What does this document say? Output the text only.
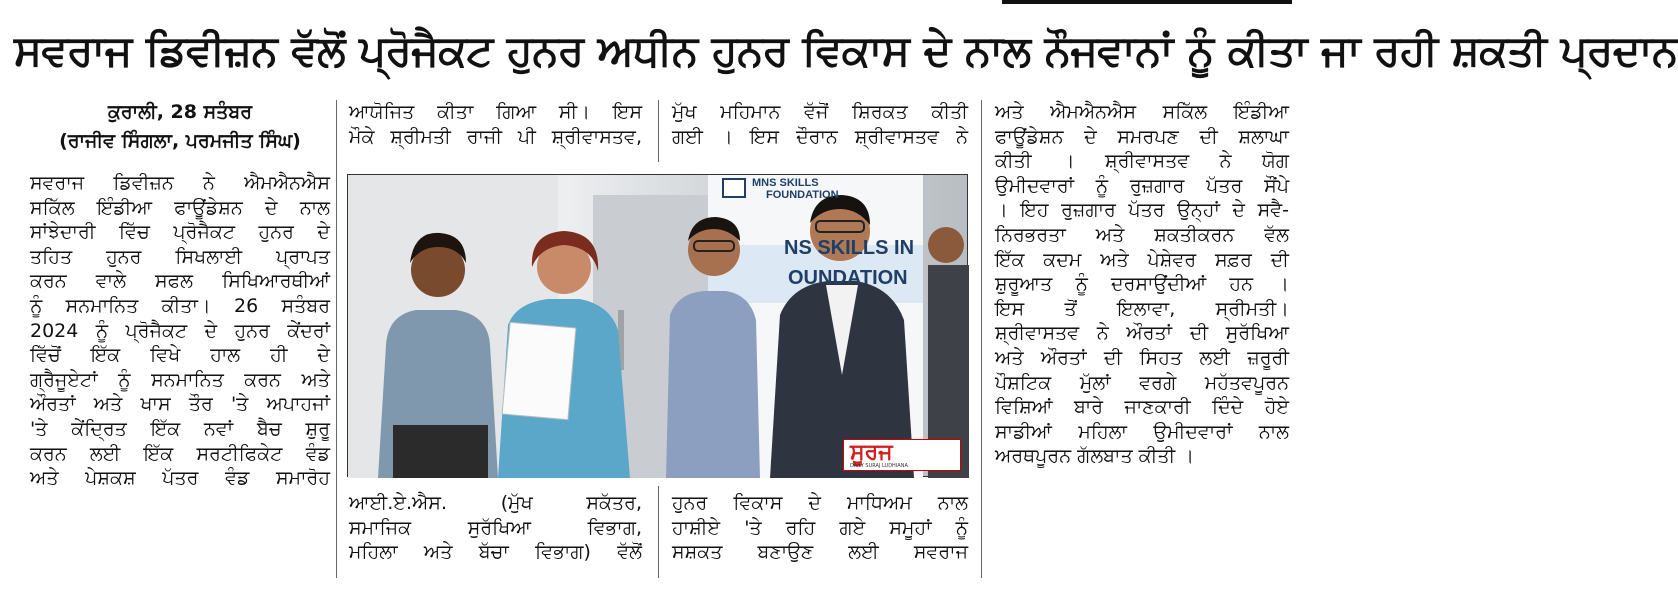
ਸਵਰਾਜ ਡਿਵੀਜ਼ਨ ਵੱਲੋਂ ਪ੍ਰੋਜੈਕਟ ਹੁਨਰ ਅਧੀਨ ਹੁਨਰ ਵਿਕਾਸ ਦੇ ਨਾਲ ਨੌਜਵਾਨਾਂ ਨੂੰ ਕੀਤਾ ਜਾ ਰਹੀ ਸ਼ਕਤੀ ਪ੍ਰਦਾਨ
ਕੁਰਾਲੀ, 28 ਸਤੰਬਰ
(ਰਾਜੀਵ ਸਿੰਗਲਾ, ਪਰਮਜੀਤ ਸਿੰਘ)

ਸਵਰਾਜ ਡਿਵੀਜ਼ਨ ਨੇ ਐਮਐਨਐਸ

ਸਕਿੱਲ ਇੰਡੀਆ ਫਾਊਂਡੇਸ਼ਨ ਦੇ ਨਾਲ

ਸਾਂਝੇਦਾਰੀ ਵਿੱਚ ਪ੍ਰੋਜੈਕਟ ਹੁਨਰ ਦੇ

ਤਹਿਤ ਹੁਨਰ ਸਿਖਲਾਈ ਪ੍ਰਾਪਤ

ਕਰਨ ਵਾਲੇ ਸਫਲ ਸਿਖਿਆਰਥੀਆਂ

ਨੂੰ ਸਨਮਾਨਿਤ ਕੀਤਾ। 26 ਸਤੰਬਰ

2024 ਨੂੰ ਪ੍ਰੋਜੈਕਟ ਦੇ ਹੁਨਰ ਕੇਂਦਰਾਂ

ਵਿੱਚੋਂ ਇੱਕ ਵਿਖੇ ਹਾਲ ਹੀ ਦੇ

ਗ੍ਰੈਜੂਏਟਾਂ ਨੂੰ ਸਨਮਾਨਿਤ ਕਰਨ ਅਤੇ

ਔਰਤਾਂ ਅਤੇ ਖਾਸ ਤੌਰ 'ਤੇ ਅਪਾਹਜਾਂ

'ਤੇ ਕੇਂਦ੍ਰਿਤ ਇੱਕ ਨਵਾਂ ਬੈਚ ਸ਼ੁਰੂ

ਕਰਨ ਲਈ ਇੱਕ ਸਰਟੀਫਿਕੇਟ ਵੰਡ

ਅਤੇ ਪੇਸ਼ਕਸ਼ ਪੱਤਰ ਵੰਡ ਸਮਾਰੋਹ

ਆਯੋਜਿਤ ਕੀਤਾ ਗਿਆ ਸੀ। ਇਸ

ਮੌਕੇ ਸ਼੍ਰੀਮਤੀ ਰਾਜੀ ਪੀ ਸ਼੍ਰੀਵਾਸਤਵ,

ਮੁੱਖ ਮਹਿਮਾਨ ਵੱਜੋਂ ਸ਼ਿਰਕਤ ਕੀਤੀ

ਗਈ । ਇਸ ਦੌਰਾਨ ਸ਼੍ਰੀਵਾਸਤਵ ਨੇ

MNS SKILLS
FOUNDATION
NS SKILLS IN
OUNDATION
ਸੂਰਜ
DAILY SURAJ LUDHIANA

ਆਈ.ਏ.ਐਸ. (ਮੁੱਖ ਸਕੱਤਰ,

ਸਮਾਜਿਕ ਸੁਰੱਖਿਆ ਵਿਭਾਗ,

ਮਹਿਲਾ ਅਤੇ ਬੱਚਾ ਵਿਭਾਗ) ਵੱਲੋਂ

ਹੁਨਰ ਵਿਕਾਸ ਦੇ ਮਾਧਿਅਮ ਨਾਲ

ਹਾਸ਼ੀਏ 'ਤੇ ਰਹਿ ਗਏ ਸਮੂਹਾਂ ਨੂੰ

ਸਸ਼ਕਤ ਬਣਾਉਣ ਲਈ ਸਵਰਾਜ

ਅਤੇ ਐਮਐਨਐਸ ਸਕਿੱਲ ਇੰਡੀਆ

ਫਾਊਂਡੇਸ਼ਨ ਦੇ ਸਮਰਪਣ ਦੀ ਸ਼ਲਾਘਾ

ਕੀਤੀ । ਸ਼੍ਰੀਵਾਸਤਵ ਨੇ ਯੋਗ

ਉਮੀਦਵਾਰਾਂ ਨੂੰ ਰੁਜ਼ਗਾਰ ਪੱਤਰ ਸੌਂਪੇ

। ਇਹ ਰੁਜ਼ਗਾਰ ਪੱਤਰ ਉਨ੍ਹਾਂ ਦੇ ਸਵੈ-

ਨਿਰਭਰਤਾ ਅਤੇ ਸ਼ਕਤੀਕਰਨ ਵੱਲ

ਇੱਕ ਕਦਮ ਅਤੇ ਪੇਸ਼ੇਵਰ ਸਫ਼ਰ ਦੀ

ਸ਼ੁਰੂਆਤ ਨੂੰ ਦਰਸਾਉਂਦੀਆਂ ਹਨ ।

ਇਸ ਤੋਂ ਇਲਾਵਾ, ਸ੍ਰੀਮਤੀ।

ਸ਼੍ਰੀਵਾਸਤਵ ਨੇ ਔਰਤਾਂ ਦੀ ਸੁਰੱਖਿਆ

ਅਤੇ ਔਰਤਾਂ ਦੀ ਸਿਹਤ ਲਈ ਜ਼ਰੂਰੀ

ਪੌਸ਼ਟਿਕ ਮੁੱਲਾਂ ਵਰਗੇ ਮਹੱਤਵਪੂਰਨ

ਵਿਸ਼ਿਆਂ ਬਾਰੇ ਜਾਣਕਾਰੀ ਦਿੰਦੇ ਹੋਏ

ਸਾਡੀਆਂ ਮਹਿਲਾ ਉਮੀਦਵਾਰਾਂ ਨਾਲ

ਅਰਥਪੂਰਨ ਗੱਲਬਾਤ ਕੀਤੀ ।
